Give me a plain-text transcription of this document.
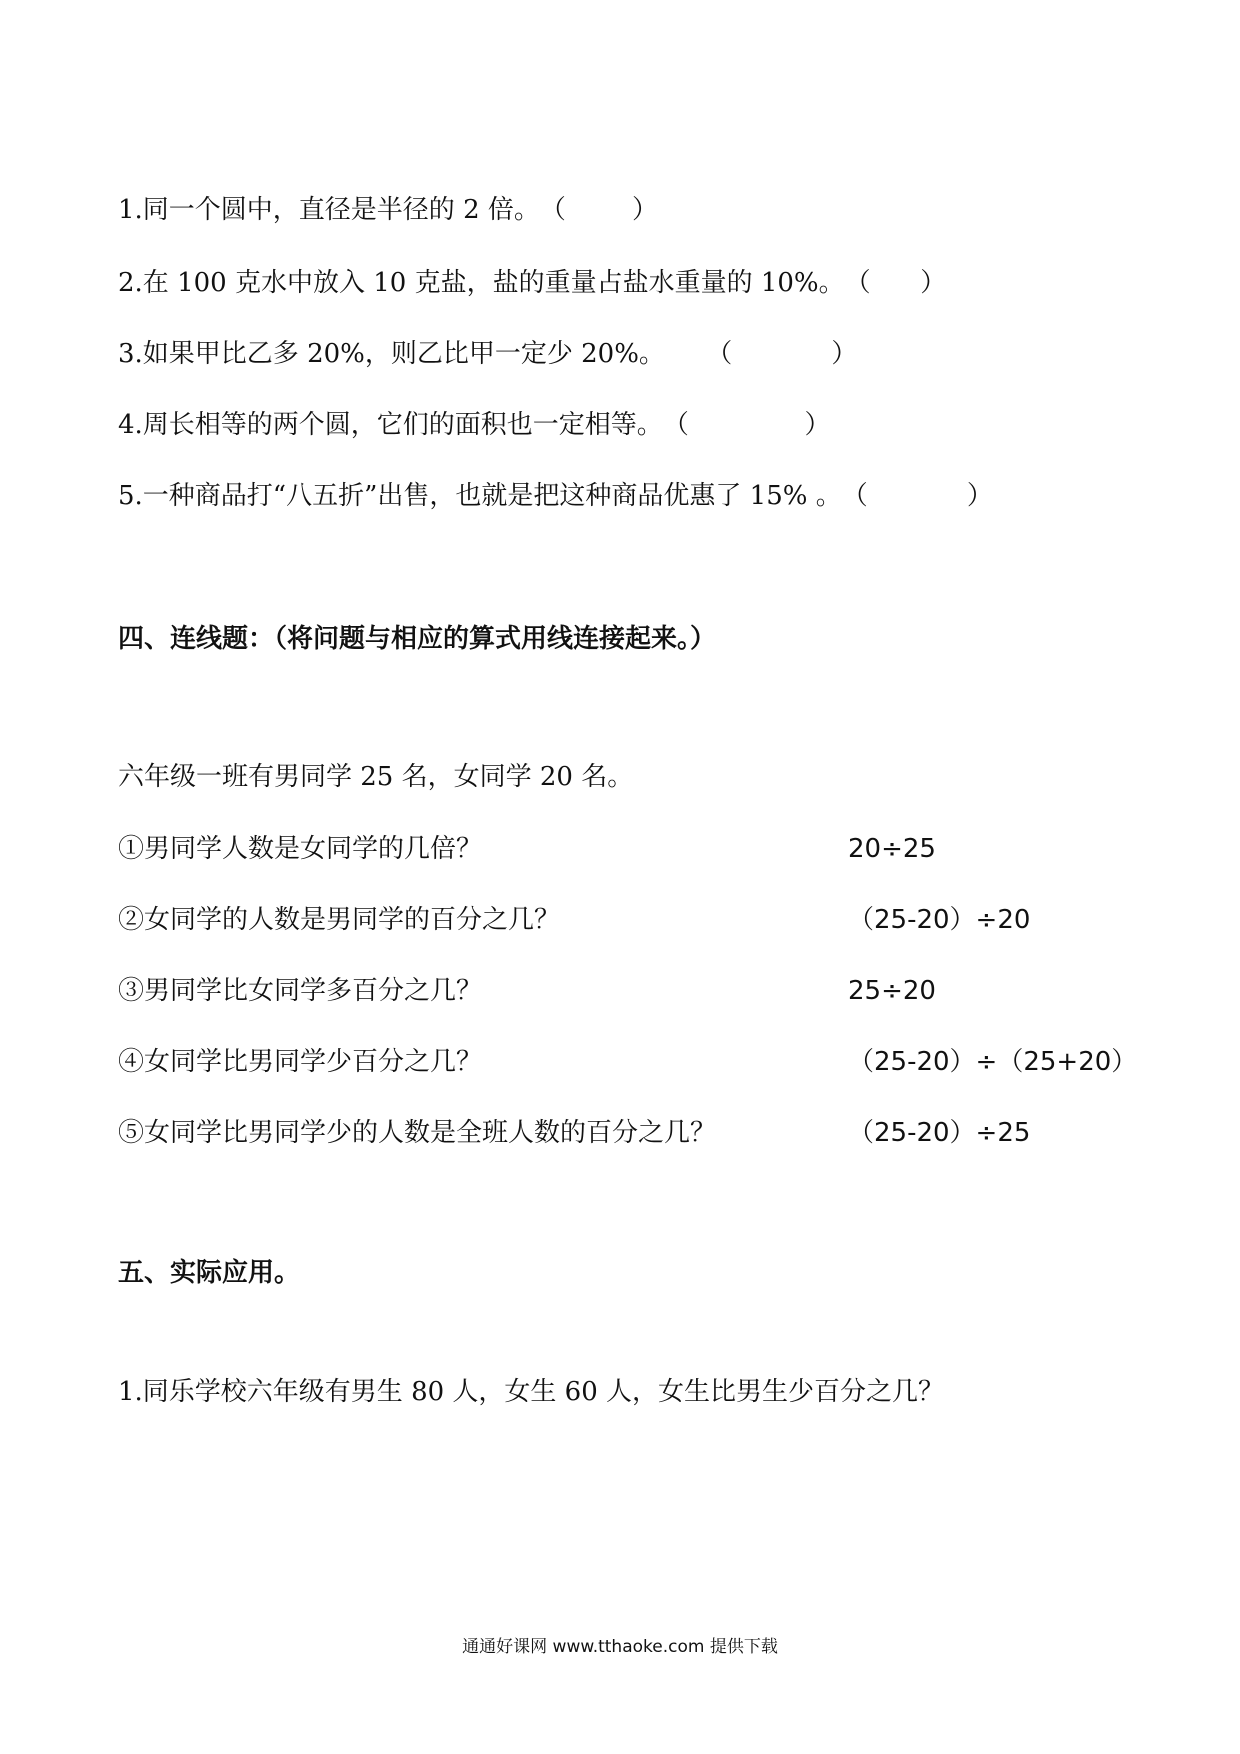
1.同一个圆中，直径是半径的 2 倍。（        ）
2.在 100 克水中放入 10 克盐，盐的重量占盐水重量的 10%。（      ）
3.如果甲比乙多 20%，则乙比甲一定少 20%。     （            ）
4.周长相等的两个圆，它们的面积也一定相等。（              ）
5.一种商品打“八五折”出售，也就是把这种商品优惠了 15% 。（            ）
四、连线题：（将问题与相应的算式用线连接起来。）
六年级一班有男同学 25 名，女同学 20 名。
①男同学人数是女同学的几倍？	20÷25
②女同学的人数是男同学的百分之几？	（25-20）÷20
③男同学比女同学多百分之几？	25÷20
④女同学比男同学少百分之几？	（25-20）÷（25+20）
⑤女同学比男同学少的人数是全班人数的百分之几？	（25-20）÷25
五、实际应用。
1.同乐学校六年级有男生 80 人，女生 60 人，女生比男生少百分之几？
通通好课网 www.tthaoke.com 提供下载
